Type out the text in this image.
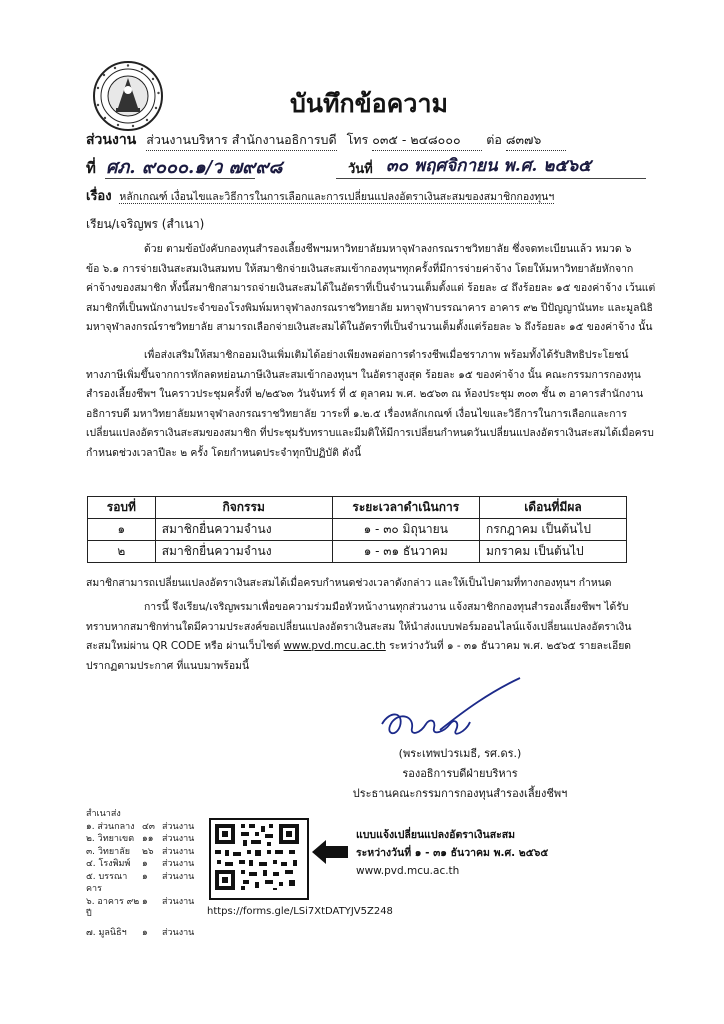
บันทึกข้อความ
ส่วนงาน ส่วนงานบริหาร สำนักงานอธิการบดี โทร ๐๓๕ - ๒๔๘๐๐๐ ต่อ ๘๓๗๖
ที่ ศภ. ๙๐๐๐.๑/ว ๗๙๙๘	วันที่ ๓๐ พฤศจิกายน พ.ศ. ๒๕๖๕
เรื่อง หลักเกณฑ์ เงื่อนไขและวิธีการในการเลือกและการเปลี่ยนแปลงอัตราเงินสะสมของสมาชิกกองทุนฯ
เรียน/เจริญพร (สำเนา)
ด้วย ตามข้อบังคับกองทุนสำรองเลี้ยงชีพฯมหาวิทยาลัยมหาจุฬาลงกรณราชวิทยาลัย ซึ่งจดทะเบียนแล้ว หมวด ๖
ข้อ ๖.๑ การจ่ายเงินสะสมเงินสมทบ ให้สมาชิกจ่ายเงินสะสมเข้ากองทุนฯทุกครั้งที่มีการจ่ายค่าจ้าง โดยให้มหาวิทยาลัยหักจาก
ค่าจ้างของสมาชิก ทั้งนี้สมาชิกสามารถจ่ายเงินสะสมได้ในอัตราที่เป็นจำนวนเต็มตั้งแต่ ร้อยละ ๔ ถึงร้อยละ ๑๕ ของค่าจ้าง เว้นแต่
สมาชิกที่เป็นพนักงานประจำของโรงพิมพ์มหาจุฬาลงกรณราชวิทยาลัย มหาจุฬาบรรณาคาร อาคาร ๙๒ ปีปัญญานันทะ และมูลนิธิ
มหาจุฬาลงกรณ์ราชวิทยาลัย สามารถเลือกจ่ายเงินสะสมได้ในอัตราที่เป็นจำนวนเต็มตั้งแต่ร้อยละ ๖ ถึงร้อยละ ๑๕ ของค่าจ้าง นั้น
เพื่อส่งเสริมให้สมาชิกออมเงินเพิ่มเติมได้อย่างเพียงพอต่อการดำรงชีพเมื่อชราภาพ พร้อมทั้งได้รับสิทธิประโยชน์
ทางภาษีเพิ่มขึ้นจากการหักลดหย่อนภาษีเงินสะสมเข้ากองทุนฯ ในอัตราสูงสุด ร้อยละ ๑๕ ของค่าจ้าง นั้น คณะกรรมการกองทุน
สำรองเลี้ยงชีพฯ ในคราวประชุมครั้งที่ ๒/๒๕๖๓ วันจันทร์ ที่ ๕ ตุลาคม พ.ศ. ๒๕๖๓ ณ ห้องประชุม ๓๐๓ ชั้น ๓ อาคารสำนักงาน
อธิการบดี มหาวิทยาลัยมหาจุฬาลงกรณราชวิทยาลัย วาระที่ ๑.๒.๕ เรื่องหลักเกณฑ์ เงื่อนไขและวิธีการในการเลือกและการ
เปลี่ยนแปลงอัตราเงินสะสมของสมาชิก ที่ประชุมรับทราบและมีมติให้มีการเปลี่ยนกำหนดวันเปลี่ยนแปลงอัตราเงินสะสมได้เมื่อครบ
กำหนดช่วงเวลาปีละ ๒ ครั้ง โดยกำหนดประจำทุกปีปฏิบัติ ดังนี้
รอบที่	กิจกรรม	ระยะเวลาดำเนินการ	เดือนที่มีผล
๑	สมาชิกยื่นความจำนง	๑ - ๓๐ มิถุนายน	กรกฎาคม เป็นต้นไป
๒	สมาชิกยื่นความจำนง	๑ - ๓๑ ธันวาคม	มกราคม เป็นต้นไป
สมาชิกสามารถเปลี่ยนแปลงอัตราเงินสะสมได้เมื่อครบกำหนดช่วงเวลาดังกล่าว และให้เป็นไปตามที่ทางกองทุนฯ กำหนด
การนี้ จึงเรียน/เจริญพรมาเพื่อขอความร่วมมือหัวหน้างานทุกส่วนงาน แจ้งสมาชิกกองทุนสำรองเลี้ยงชีพฯ ได้รับ
ทราบหากสมาชิกท่านใดมีความประสงค์ขอเปลี่ยนแปลงอัตราเงินสะสม ให้นำส่งแบบฟอร์มออนไลน์แจ้งเปลี่ยนแปลงอัตราเงิน
สะสมใหม่ผ่าน QR CODE หรือ ผ่านเว็บไซต์ www.pvd.mcu.ac.th ระหว่างวันที่ ๑ - ๓๑ ธันวาคม พ.ศ. ๒๕๖๕ รายละเอียด
ปรากฏตามประกาศ ที่แนบมาพร้อมนี้
(พระเทพปวรเมธี, รศ.ดร.)
รองอธิการบดีฝ่ายบริหาร
ประธานคณะกรรมการกองทุนสำรองเลี้ยงชีพฯ
สำเนาส่ง
๑. ส่วนกลาง ๔๓ ส่วนงาน
๒. วิทยาเขต ๑๑ ส่วนงาน
๓. วิทยาลัย	๒๖ ส่วนงาน
๔. โรงพิมพ์	๑	ส่วนงาน
๕. บรรณาคาร
๑	ส่วนงาน
๖. อาคาร ๙๒ ปี
๑	ส่วนงาน
๗. มูลนิธิฯ	๑	ส่วนงาน
แบบแจ้งเปลี่ยนแปลงอัตราเงินสะสม
ระหว่างวันที่ ๑ - ๓๑ ธันวาคม พ.ศ. ๒๕๖๕
www.pvd.mcu.ac.th
https://forms.gle/LSi7XtDATYJV5Z248
